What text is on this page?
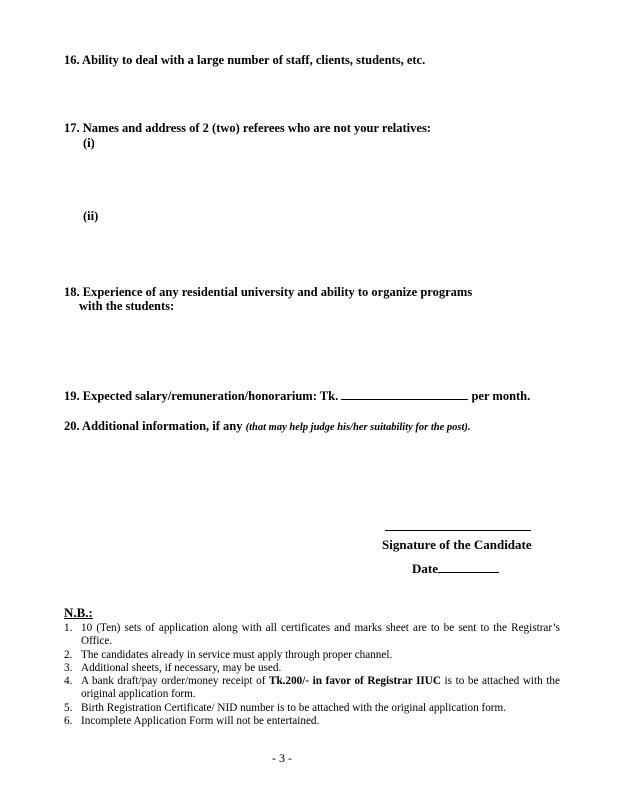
16. Ability to deal with a large number of staff, clients, students, etc.
17. Names and address of 2 (two) referees who are not your relatives:
(i)
(ii)
18. Experience of any residential university and ability to organize programs
with the students:
19. Expected salary/remuneration/honorarium: Tk.	per month.
20. Additional information, if any (that may help judge his/her suitability for the post).
Signature of the Candidate
Date
N.B.:
1. 10 (Ten) sets of application along with all certificates and marks sheet are to be sent to the Registrar’s Office.
2. The candidates already in service must apply through proper channel.
3. Additional sheets, if necessary, may be used.
4. A bank draft/pay order/money receipt of Tk.200/- in favor of Registrar IIUC is to be attached with the original application form.
5. Birth Registration Certificate/ NID number is to be attached with the original application form.
6. Incomplete Application Form will not be entertained.
- 3 -
